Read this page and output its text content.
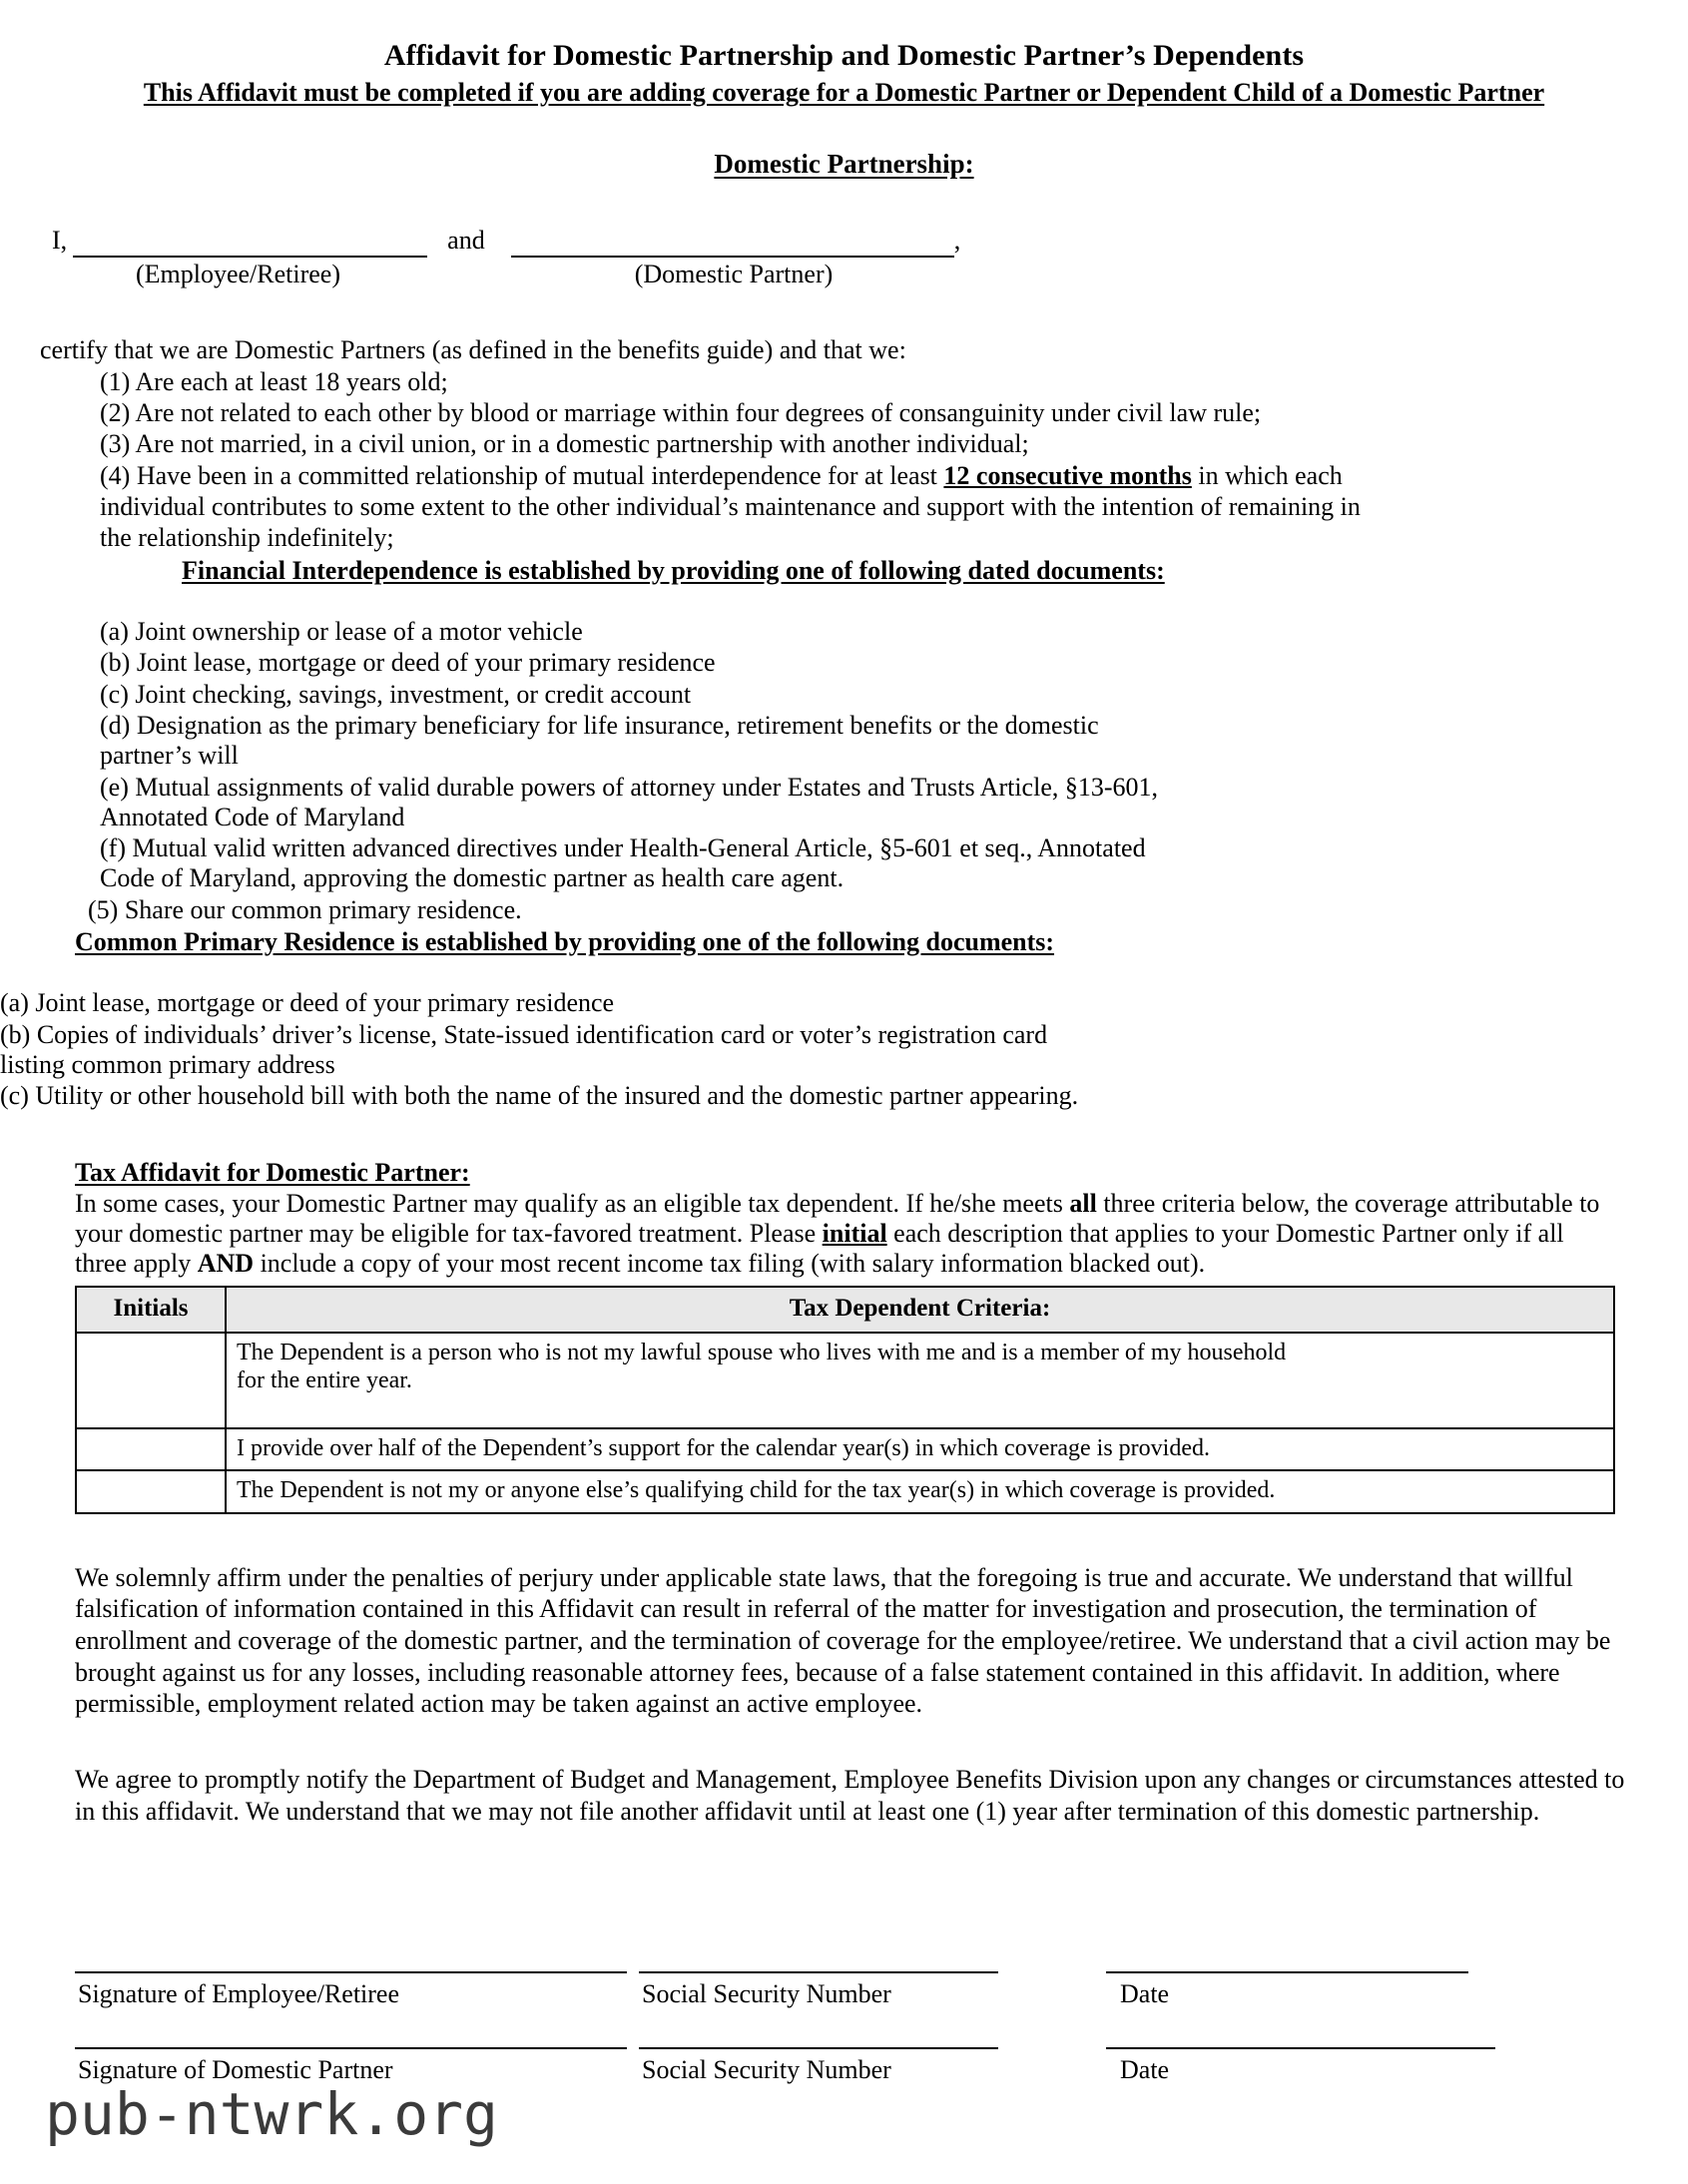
Affidavit for Domestic Partnership and Domestic Partner’s Dependents
This Affidavit must be completed if you are adding coverage for a Domestic Partner or Dependent Child of a Domestic Partner
Domestic Partnership:
I,	and	,
(Employee/Retiree)	(Domestic Partner)
certify that we are Domestic Partners (as defined in the benefits guide) and that we:
(1) Are each at least 18 years old;
(2) Are not related to each other by blood or marriage within four degrees of consanguinity under civil law rule;
(3) Are not married, in a civil union, or in a domestic partnership with another individual;
(4) Have been in a committed relationship of mutual interdependence for at least 12 consecutive months in which each
individual contributes to some extent to the other individual’s maintenance and support with the intention of remaining in
the relationship indefinitely;
Financial Interdependence is established by providing one of following dated documents:
(a) Joint ownership or lease of a motor vehicle
(b) Joint lease, mortgage or deed of your primary residence
(c) Joint checking, savings, investment, or credit account
(d) Designation as the primary beneficiary for life insurance, retirement benefits or the domestic
partner’s will
(e) Mutual assignments of valid durable powers of attorney under Estates and Trusts Article, §13-601,
Annotated Code of Maryland
(f) Mutual valid written advanced directives under Health-General Article, §5-601 et seq., Annotated
Code of Maryland, approving the domestic partner as health care agent.
(5) Share our common primary residence.
Common Primary Residence is established by providing one of the following documents:
(a) Joint lease, mortgage or deed of your primary residence
(b) Copies of individuals’ driver’s license, State-issued identification card or voter’s registration card
listing common primary address
(c) Utility or other household bill with both the name of the insured and the domestic partner appearing.
Tax Affidavit for Domestic Partner:
In some cases, your Domestic Partner may qualify as an eligible tax dependent. If he/she meets all three criteria below, the coverage attributable to your domestic partner may be eligible for tax-favored treatment. Please initial each description that applies to your Domestic Partner only if all three apply AND include a copy of your most recent income tax filing (with salary information blacked out).
Initials	Tax Dependent Criteria:
	The Dependent is a person who is not my lawful spouse who lives with me and is a member of my household
for the entire year.
	I provide over half of the Dependent’s support for the calendar year(s) in which coverage is provided.
	The Dependent is not my or anyone else’s qualifying child for the tax year(s) in which coverage is provided.
We solemnly affirm under the penalties of perjury under applicable state laws, that the foregoing is true and accurate. We understand that willful falsification of information contained in this Affidavit can result in referral of the matter for investigation and prosecution, the termination of enrollment and coverage of the domestic partner, and the termination of coverage for the employee/retiree. We understand that a civil action may be brought against us for any losses, including reasonable attorney fees, because of a false statement contained in this affidavit. In addition, where permissible, employment related action may be taken against an active employee.
We agree to promptly notify the Department of Budget and Management, Employee Benefits Division upon any changes or circumstances attested to in this affidavit. We understand that we may not file another affidavit until at least one (1) year after termination of this domestic partnership.
Signature of Employee/Retiree	Social Security Number	Date
Signature of Domestic Partner	Social Security Number	Date
pub-ntwrk.org
